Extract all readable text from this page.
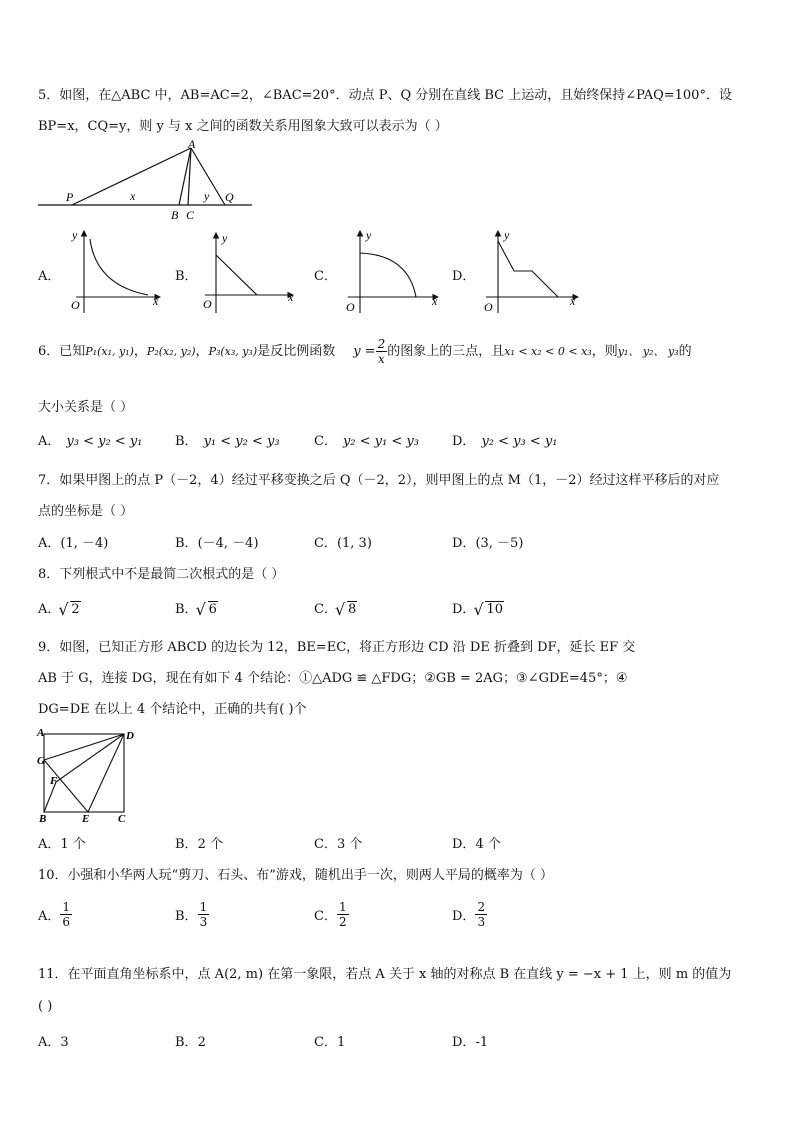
5．如图，在△ABC 中，AB=AC=2，∠BAC=20°．动点 P、Q 分别在直线 BC 上运动，且始终保持∠PAQ=100°．设
BP=x，CQ=y，则 y 与 x 之间的函数关系用图象大致可以表示为（ ）
A
P	x	y
B C
Q
A．
y
x
O
B．
y
x
O
C．
y
x
O
D．
y
x
O
6．已知P₁(x₁, y₁)，P₂(x₂, y₂)，P₃(x₃, y₃)是反比例函数 $y = \frac{2}{x}$ 的图象上的三点，且x₁ < x₂ < 0 < x₃，则y₁、 y₂、 y₃的
大小关系是（ ）
A． y₃ < y₂ < y₁	B． y₁ < y₂ < y₃	C． y₂ < y₁ < y₃	D． y₂ < y₃ < y₁
7．如果甲图上的点 P（－2，4）经过平移变换之后 Q（－2，2），则甲图上的点 M（1，－2）经过这样平移后的对应
点的坐标是（ ）
A．(1, －4)	B．(－4, －4)	C．(1, 3)	D．(3, －5)
8．下列根式中不是最简二次根式的是（ ）
A． √ 2	B． √ 6	C． √ 8	D． √ 10
9．如图，已知正方形 ABCD 的边长为 12，BE=EC，将正方形边 CD 沿 DE 折叠到 DF，延长 EF 交
AB 于 G，连接 DG，现在有如下 4 个结论：①△ADG ≌ △FDG；②GB = 2AG；③∠GDE=45°；④
DG=DE 在以上 4 个结论中，正确的共有( )个
A	D
G
F
B	E	C
A．1 个	B．2 个	C．3 个	D．4 个
10．小强和小华两人玩“剪刀、石头、布”游戏，随机出手一次，则两人平局的概率为（ ）
A． $\frac{1}{6}$	B． $\frac{1}{3}$	C． $\frac{1}{2}$	D． $\frac{2}{3}$
11．在平面直角坐标系中，点 A(2, m) 在第一象限，若点 A 关于 x 轴的对称点 B 在直线 y = −x + 1 上，则 m 的值为
( )
A．3	B．2	C．1	D．-1
